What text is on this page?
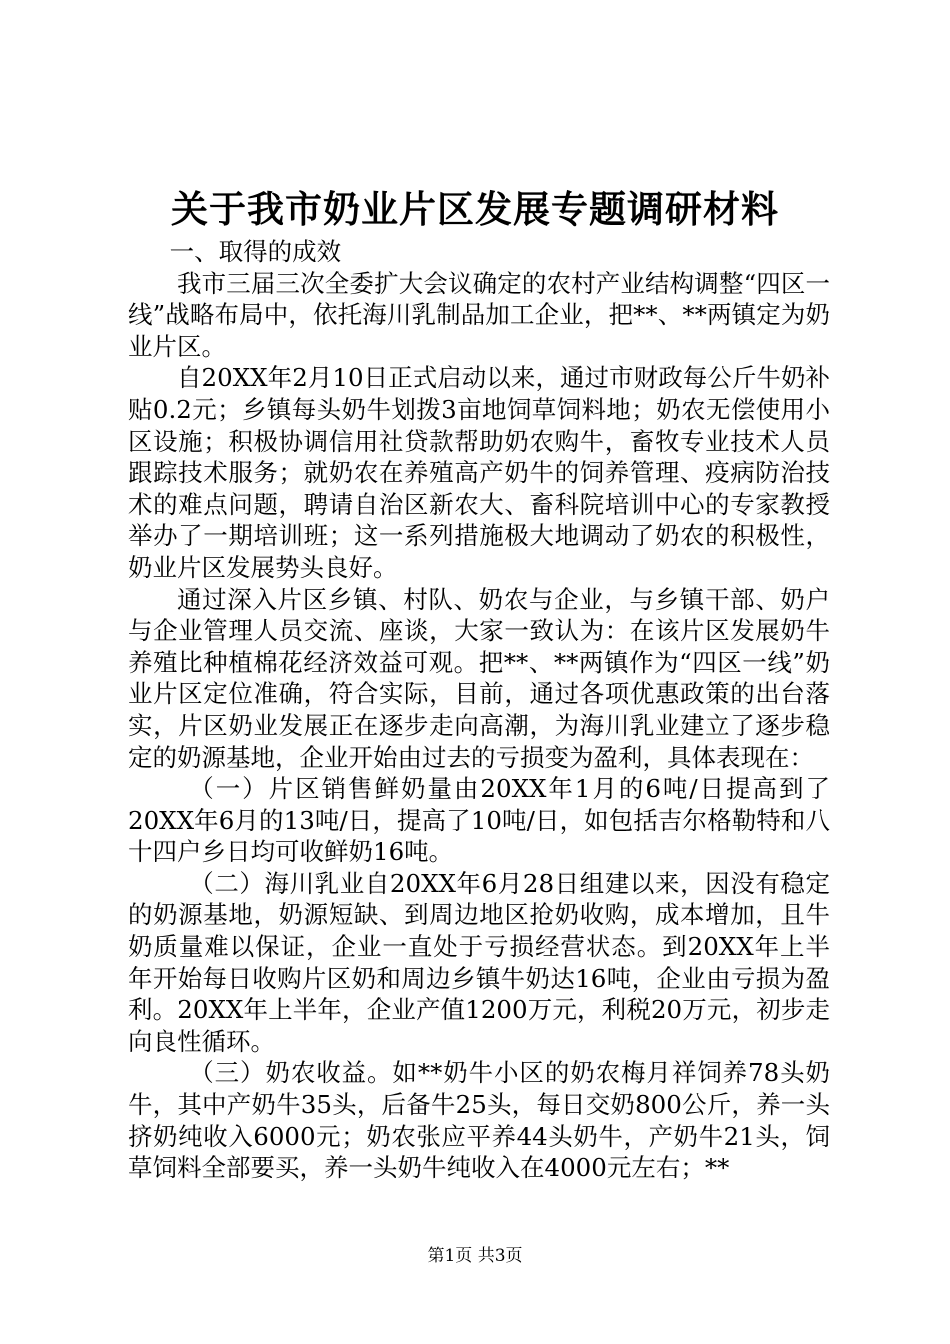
关于我市奶业片区发展专题调研材料

一、取得的成效

我市三届三次全委扩大会议确定的农村产业结构调整“四区一线”战略布局中，依托海川乳制品加工企业，把**、**两镇定为奶业片区。

自20XX年2月10日正式启动以来，通过市财政每公斤牛奶补贴0.2元；乡镇每头奶牛划拨3亩地饲草饲料地；奶农无偿使用小区设施；积极协调信用社贷款帮助奶农购牛，畜牧专业技术人员跟踪技术服务；就奶农在养殖高产奶牛的饲养管理、疫病防治技术的难点问题，聘请自治区新农大、畜科院培训中心的专家教授举办了一期培训班；这一系列措施极大地调动了奶农的积极性，奶业片区发展势头良好。

通过深入片区乡镇、村队、奶农与企业，与乡镇干部、奶户与企业管理人员交流、座谈，大家一致认为：在该片区发展奶牛养殖比种植棉花经济效益可观。把**、**两镇作为“四区一线”奶业片区定位准确，符合实际，目前，通过各项优惠政策的出台落实，片区奶业发展正在逐步走向高潮，为海川乳业建立了逐步稳定的奶源基地，企业开始由过去的亏损变为盈利，具体表现在：

（一）片区销售鲜奶量由20XX年1月的6吨/日提高到了20XX年6月的13吨/日，提高了10吨/日，如包括吉尔格勒特和八十四户乡日均可收鲜奶16吨。

（二）海川乳业自20XX年6月28日组建以来，因没有稳定的奶源基地，奶源短缺、到周边地区抢奶收购，成本增加，且牛奶质量难以保证，企业一直处于亏损经营状态。到20XX年上半年开始每日收购片区奶和周边乡镇牛奶达16吨，企业由亏损为盈利。20XX年上半年，企业产值1200万元，利税20万元，初步走向良性循环。

（三）奶农收益。如**奶牛小区的奶农梅月祥饲养78头奶牛，其中产奶牛35头，后备牛25头，每日交奶800公斤，养一头挤奶纯收入6000元；奶农张应平养44头奶牛，产奶牛21头，饲草饲料全部要买，养一头奶牛纯收入在4000元左右；**

第1页 共3页
